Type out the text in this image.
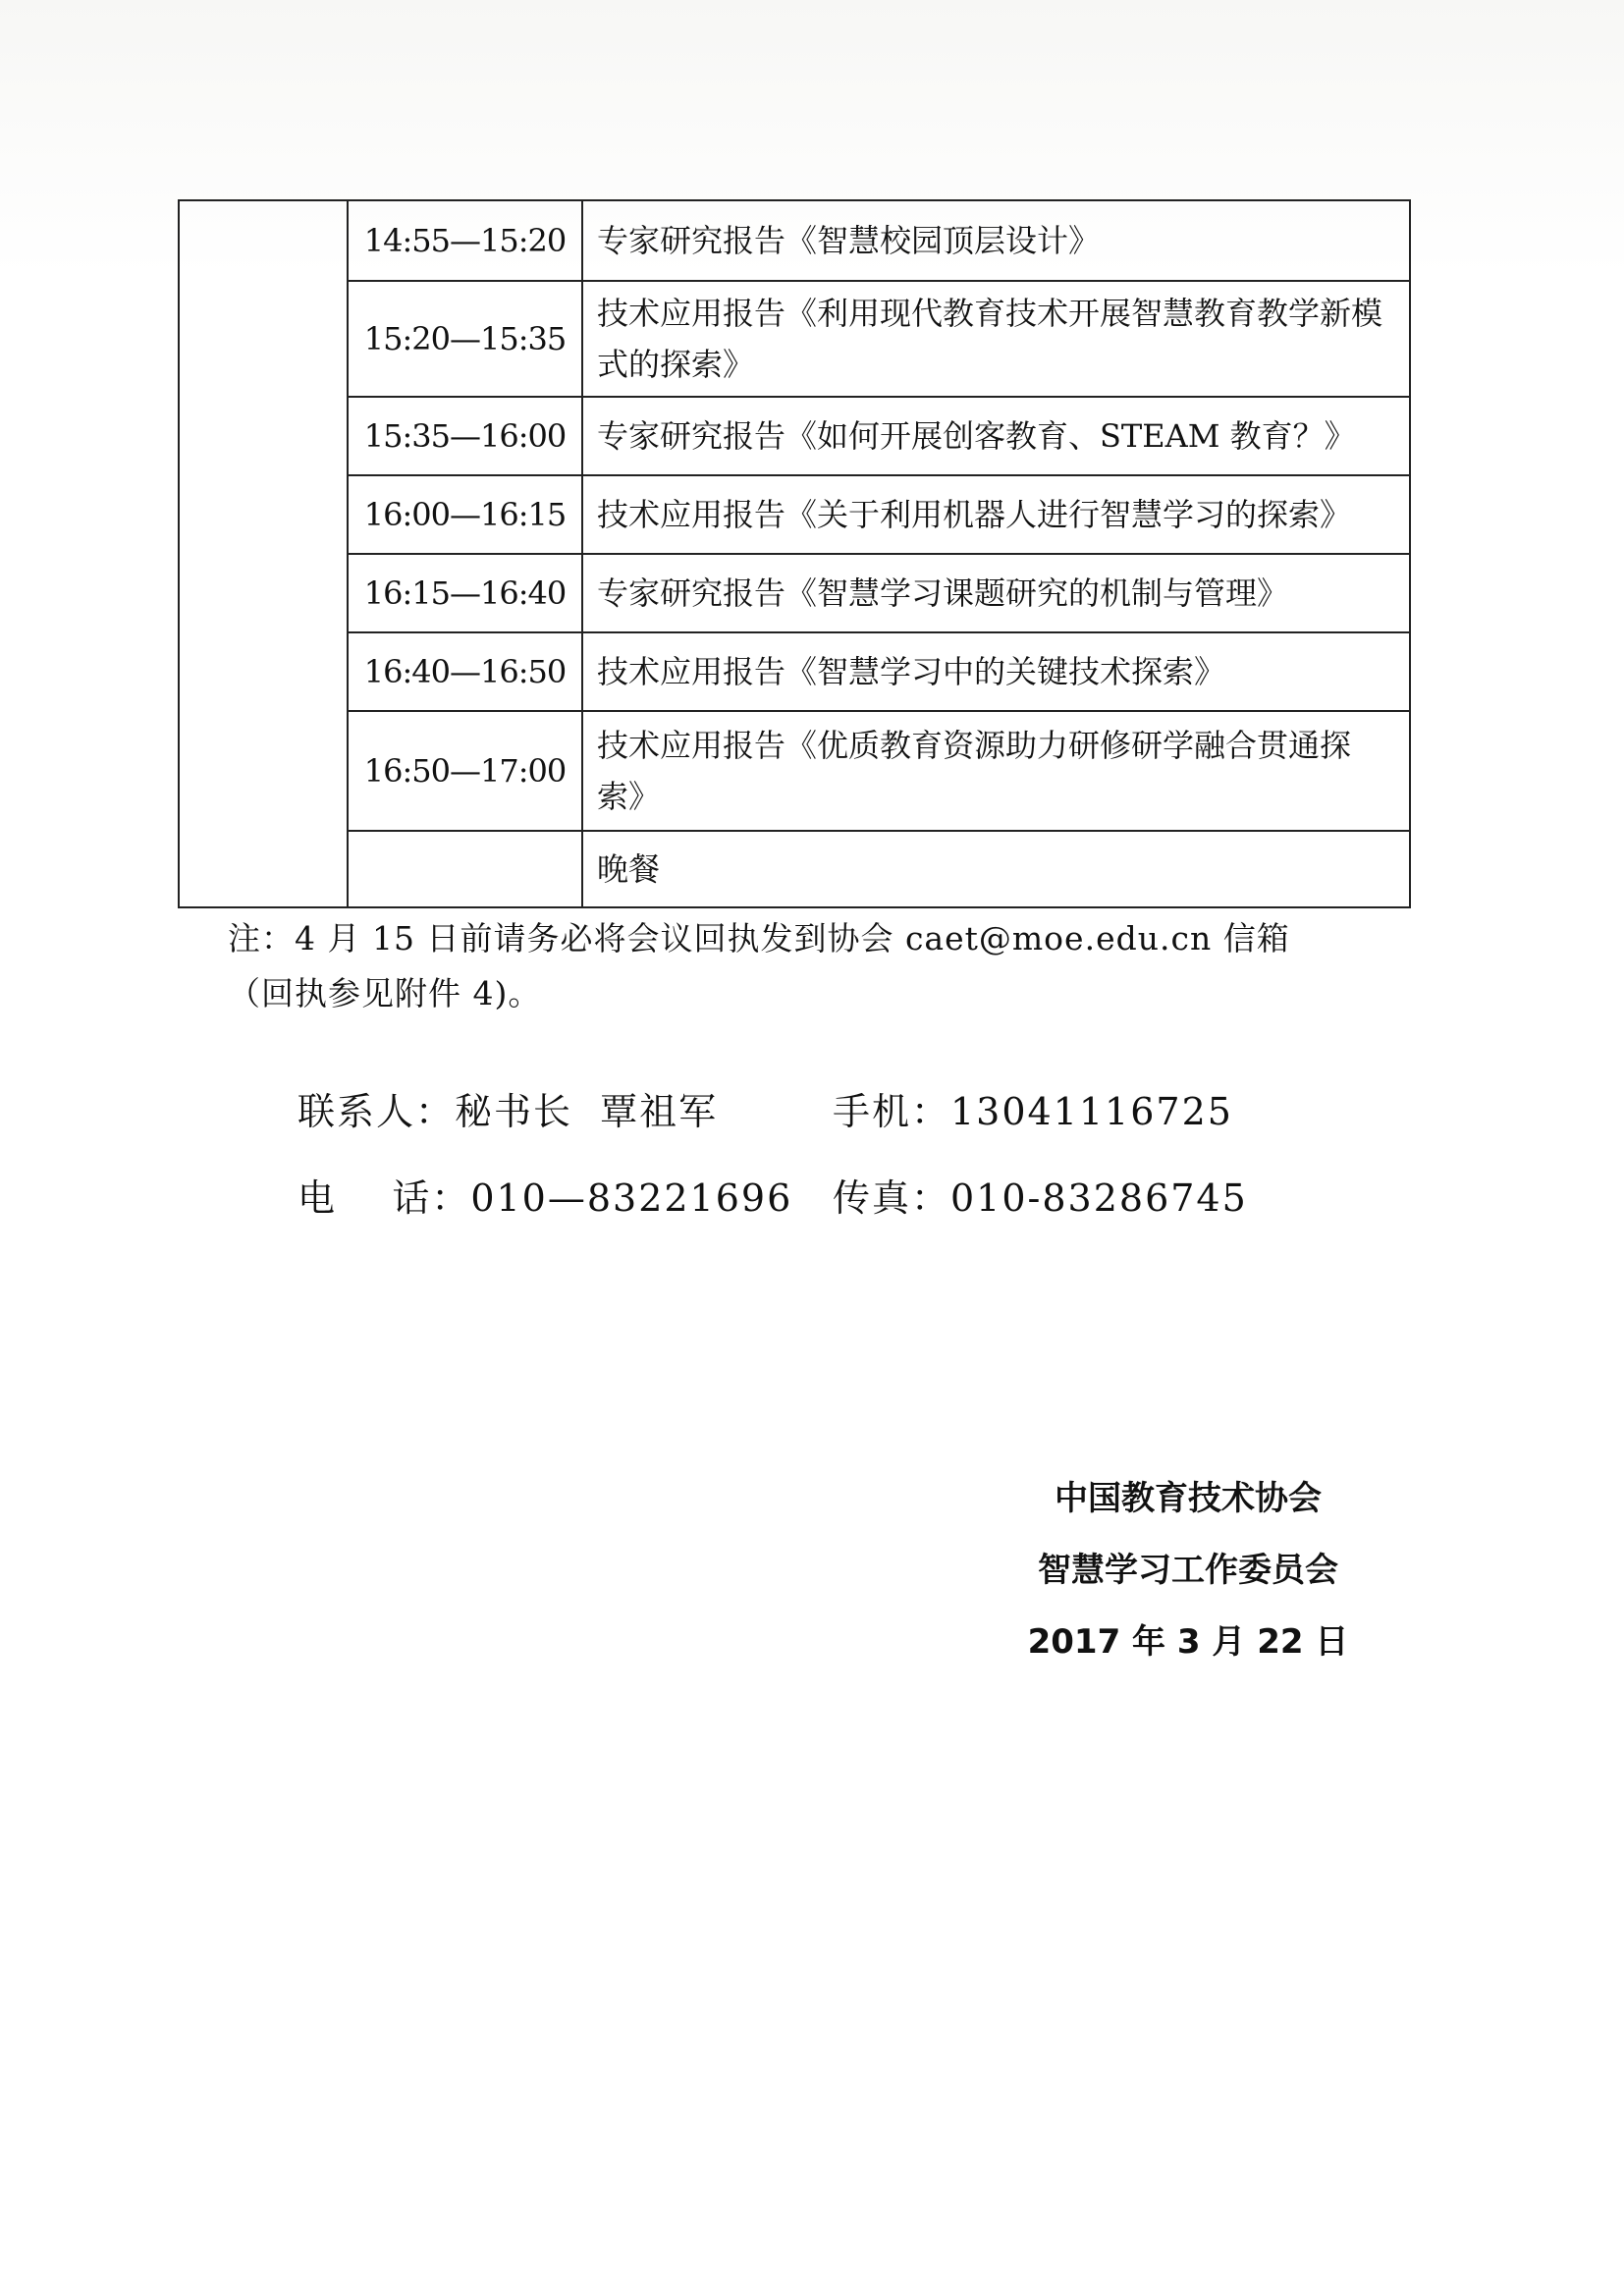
	14:55—15:20	专家研究报告《智慧校园顶层设计》
	15:20—15:35	技术应用报告《利用现代教育技术开展智慧教育教学新模式的探索》
	15:35—16:00	专家研究报告《如何开展创客教育、STEAM 教育？》
	16:00—16:15	技术应用报告《关于利用机器人进行智慧学习的探索》
	16:15—16:40	专家研究报告《智慧学习课题研究的机制与管理》
	16:40—16:50	技术应用报告《智慧学习中的关键技术探索》
	16:50—17:00	技术应用报告《优质教育资源助力研修研学融合贯通探索》
		晚餐

注：4 月 15 日前请务必将会议回执发到协会 caet@moe.edu.cn 信箱

（回执参见附件 4)。

联系人：秘书长  覃祖军	手机：13041116725
电    话：010—83221696 传真：010-83286745
中国教育技术协会
智慧学习工作委员会
2017 年 3 月 22 日
